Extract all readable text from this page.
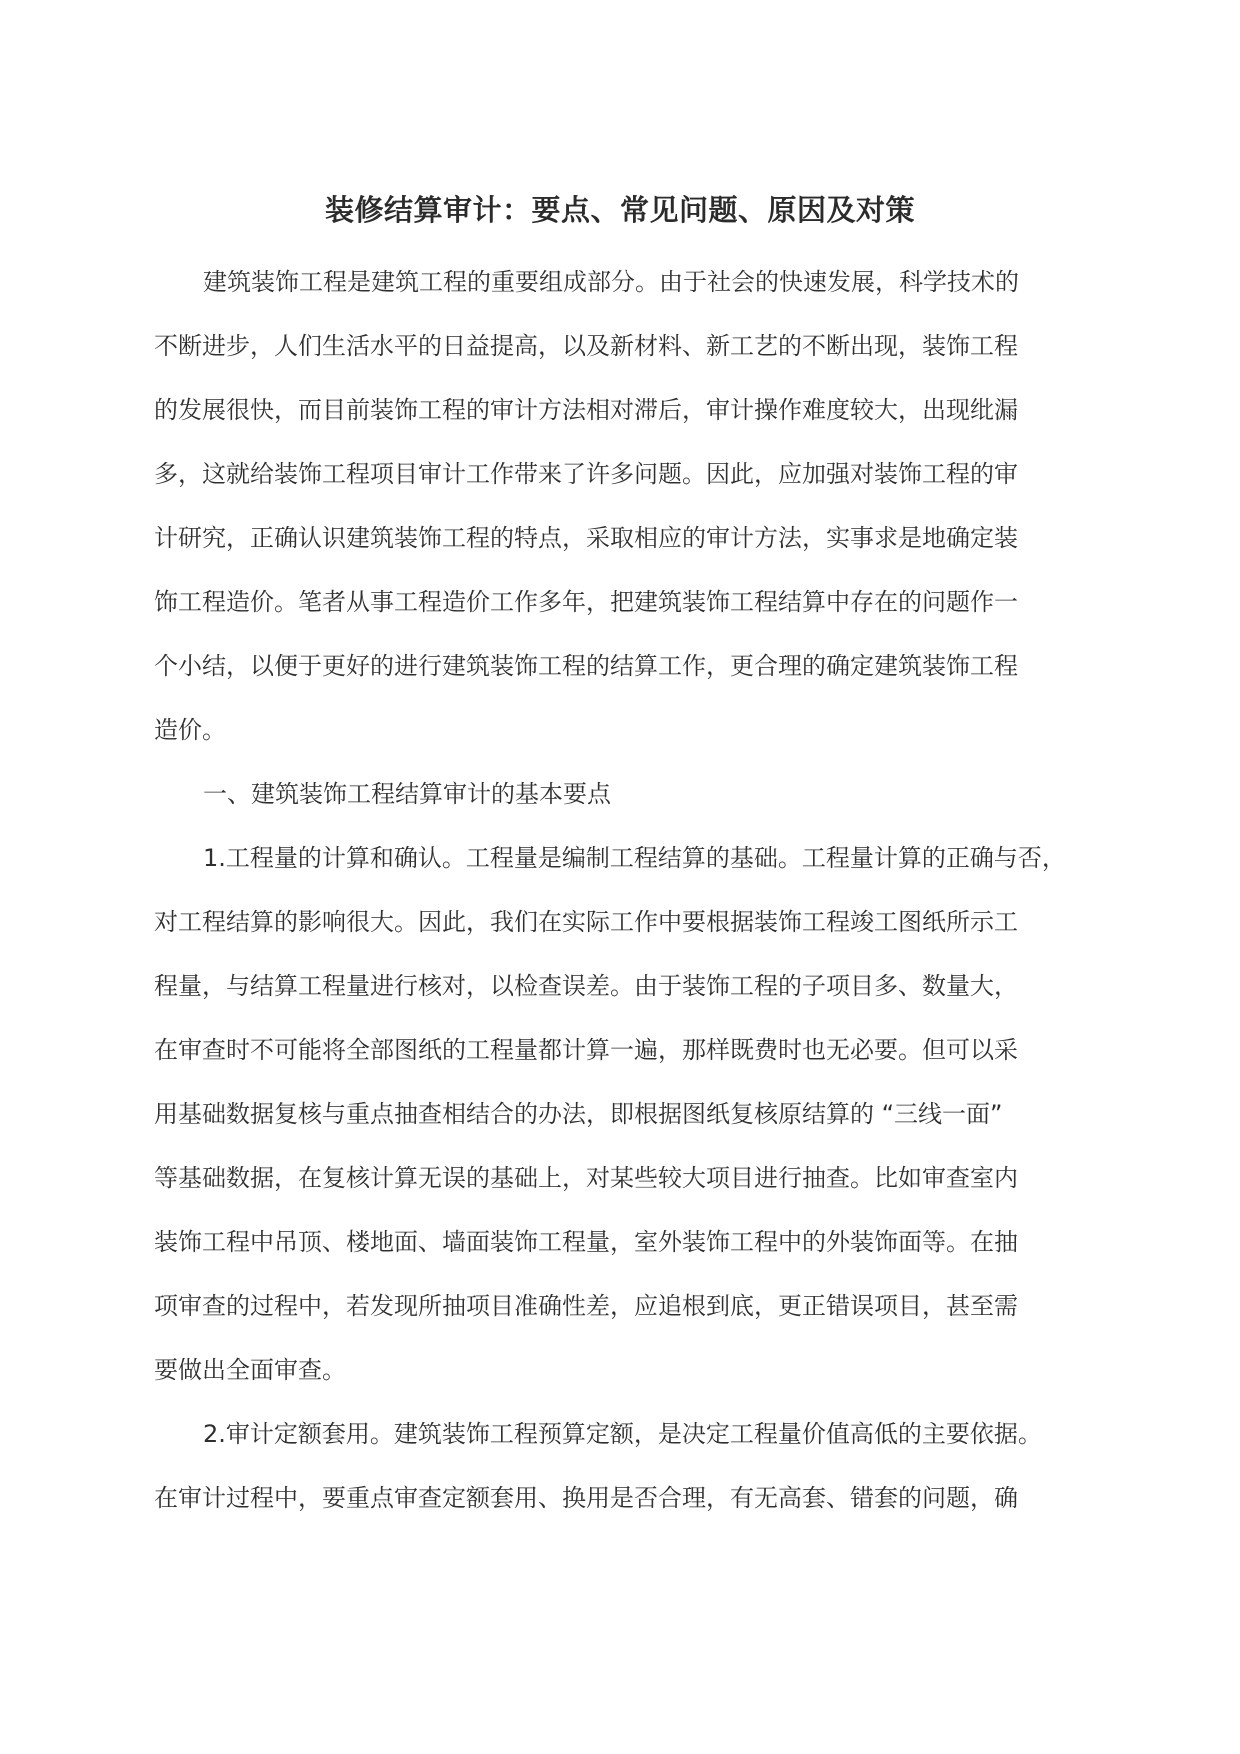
装修结算审计：要点、常见问题、原因及对策
建筑装饰工程是建筑工程的重要组成部分。由于社会的快速发展，科学技术的
不断进步，人们生活水平的日益提高，以及新材料、新工艺的不断出现，装饰工程
的发展很快，而目前装饰工程的审计方法相对滞后，审计操作难度较大，出现纰漏
多，这就给装饰工程项目审计工作带来了许多问题。因此，应加强对装饰工程的审
计研究，正确认识建筑装饰工程的特点，采取相应的审计方法，实事求是地确定装
饰工程造价。笔者从事工程造价工作多年，把建筑装饰工程结算中存在的问题作一
个小结，以便于更好的进行建筑装饰工程的结算工作，更合理的确定建筑装饰工程
造价。
一、建筑装饰工程结算审计的基本要点
1.工程量的计算和确认。工程量是编制工程结算的基础。工程量计算的正确与否，
对工程结算的影响很大。因此，我们在实际工作中要根据装饰工程竣工图纸所示工
程量，与结算工程量进行核对，以检查误差。由于装饰工程的子项目多、数量大，
在审查时不可能将全部图纸的工程量都计算一遍，那样既费时也无必要。但可以采
用基础数据复核与重点抽查相结合的办法，即根据图纸复核原结算的 “三线一面”
等基础数据，在复核计算无误的基础上，对某些较大项目进行抽查。比如审查室内
装饰工程中吊顶、楼地面、墙面装饰工程量，室外装饰工程中的外装饰面等。在抽
项审查的过程中，若发现所抽项目准确性差，应追根到底，更正错误项目，甚至需
要做出全面审查。
2.审计定额套用。建筑装饰工程预算定额，是决定工程量价值高低的主要依据。
在审计过程中，要重点审查定额套用、换用是否合理，有无高套、错套的问题，确
